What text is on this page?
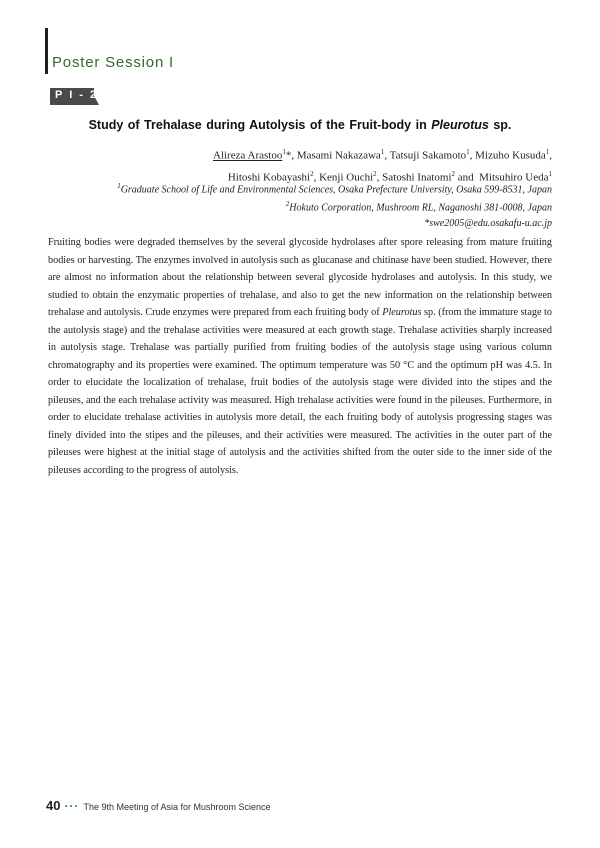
Poster Session I
P I - 2
Study of Trehalase during Autolysis of the Fruit-body in Pleurotus sp.
Alireza Arastoo$^1$*, Masami Nakazawa$^1$, Tatsuji Sakamoto$^1$, Mizuho Kusuda$^1$,
Hitoshi Kobayashi$^2$, Kenji Ouchi$^2$, Satoshi Inatomi$^2$ and  Mitsuhiro Ueda$^1$
$^1$Graduate School of Life and Environmental Sciences, Osaka Prefecture University, Osaka 599-8531, Japan
$^2$Hokuto Corporation, Mushroom RL, Naganoshi 381-0008, Japan
*swe2005@edu.osakafu-u.ac.jp
Fruiting bodies were degraded themselves by the several glycoside hydrolases after spore releasing from mature fruiting bodies or harvesting. The enzymes involved in autolysis such as glucanase and chitinase have been studied. However, there are almost no information about the relationship between several glycoside hydrolases and autolysis. In this study, we studied to obtain the enzymatic properties of trehalase, and also to get the new information on the relationship between trehalase and autolysis. Crude enzymes were prepared from each fruiting body of Pleurotus sp. (from the immature stage to the autolysis stage) and the trehalase activities were measured at each growth stage. Trehalase activities sharply increased in autolysis stage. Trehalase was partially purified from fruiting bodies of the autolysis stage using various column chromatography and its properties were examined. The optimum temperature was 50 °C and the optimum pH was 4.5. In order to elucidate the localization of trehalase, fruit bodies of the autolysis stage were divided into the stipes and the pileuses, and the each trehalase activity was measured. High trehalase activities were found in the pileuses. Furthermore, in order to elucidate trehalase activities in autolysis more detail, the each fruiting body of autolysis progressing stages was finely divided into the stipes and the pileuses, and their activities were measured. The activities in the outer part of the pileuses were highest at the initial stage of autolysis and the activities shifted from the outer side to the inner side of the pileuses according to the progress of autolysis.
40 ··· The 9th Meeting of Asia for Mushroom Science
